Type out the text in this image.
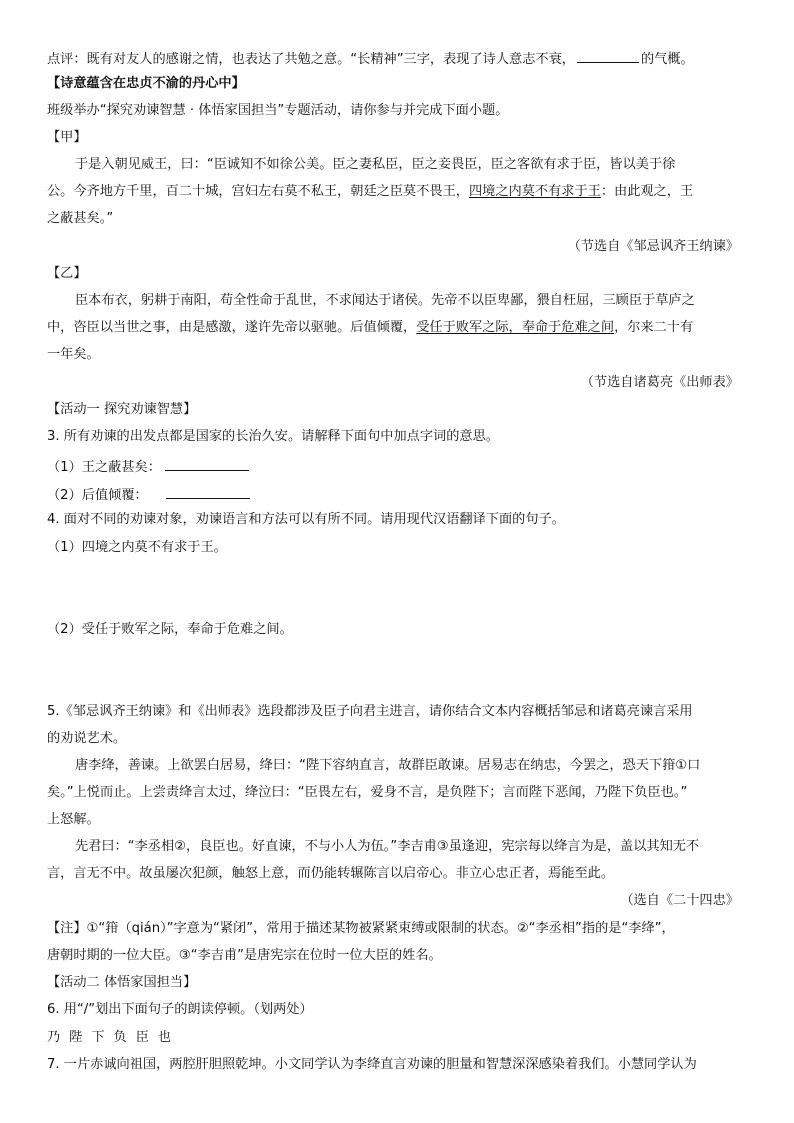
点评：既有对友人的感谢之情，也表达了共勉之意。“长精神”三字，表现了诗人意志不衰，	的气概。
【诗意蕴含在忠贞不渝的丹心中】
班级举办“探究劝谏智慧 · 体悟家国担当”专题活动，请你参与并完成下面小题。
【甲】
于是入朝见威王，曰：“臣诚知不如徐公美。臣之妻私臣，臣之妾畏臣，臣之客欲有求于臣，皆以美于徐
公。今齐地方千里，百二十城，宫妇左右莫不私王，朝廷之臣莫不畏王，四境之内莫不有求于王：由此观之，王
之蔽甚矣。”
（节选自《邹忌讽齐王纳谏》
【乙】
臣本布衣，躬耕于南阳，苟全性命于乱世，不求闻达于诸侯。先帝不以臣卑鄙，猥自枉屈，三顾臣于草庐之
中，咨臣以当世之事，由是感激，遂许先帝以驱驰。后值倾覆，受任于败军之际，奉命于危难之间，尔来二十有
一年矣。
（节选自诸葛亮《出师表》
【活动一 探究劝谏智慧】
3. 所有劝谏的出发点都是国家的长治久安。请解释下面句中加点字词的意思。
（1）王之蔽甚矣：
（2）后值倾覆：
4. 面对不同的劝谏对象，劝谏语言和方法可以有所不同。请用现代汉语翻译下面的句子。
（1）四境之内莫不有求于王。
（2）受任于败军之际，奉命于危难之间。
5.《邹忌讽齐王纳谏》和《出师表》选段都涉及臣子向君主进言，请你结合文本内容概括邹忌和诸葛亮谏言采用
的劝说艺术。
唐李绛，善谏。上欲罢白居易，绛曰：“陛下容纳直言，故群臣敢谏。居易志在纳忠，今罢之，恐天下箝①口
矣。”上悦而止。上尝责绛言太过，绛泣曰：“臣畏左右，爱身不言，是负陛下；言而陛下恶闻，乃陛下负臣也。”
上怒解。
先君曰：“李丞相②，良臣也。好直谏，不与小人为伍。”李吉甫③虽逢迎，宪宗每以绛言为是，盖以其知无不
言，言无不中。故虽屡次犯颜，触怒上意，而仍能转辗陈言以启帝心。非立心忠正者，焉能至此。
（选自《二十四忠》
【注】①“箝（qián）”字意为“紧闭”，常用于描述某物被紧紧束缚或限制的状态。②“李丞相”指的是“李绛”，
唐朝时期的一位大臣。③“李吉甫”是唐宪宗在位时一位大臣的姓名。
【活动二 体悟家国担当】
6. 用“/”划出下面句子的朗读停顿。（划两处）
乃陛下负臣也
7. 一片赤诚向祖国，两腔肝胆照乾坤。小文同学认为李绛直言劝谏的胆量和智慧深深感染着我们。小慧同学认为
